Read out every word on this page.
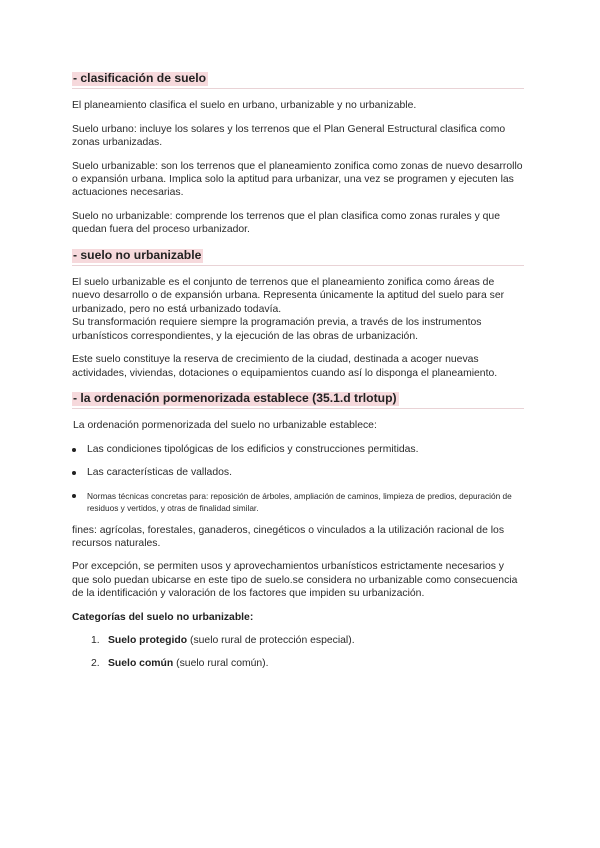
- clasificación de suelo

El planeamiento clasifica el suelo en urbano, urbanizable y no urbanizable.

Suelo urbano: incluye los solares y los terrenos que el Plan General Estructural clasifica como zonas urbanizadas.

Suelo urbanizable: son los terrenos que el planeamiento zonifica como zonas de nuevo desarrollo o expansión urbana. Implica solo la aptitud para urbanizar, una vez se programen y ejecuten las actuaciones necesarias.

Suelo no urbanizable: comprende los terrenos que el plan clasifica como zonas rurales y que quedan fuera del proceso urbanizador.

- suelo no urbanizable

El suelo urbanizable es el conjunto de terrenos que el planeamiento zonifica como áreas de nuevo desarrollo o de expansión urbana. Representa únicamente la aptitud del suelo para ser urbanizado, pero no está urbanizado todavía.
Su transformación requiere siempre la programación previa, a través de los instrumentos urbanísticos correspondientes, y la ejecución de las obras de urbanización.

Este suelo constituye la reserva de crecimiento de la ciudad, destinada a acoger nuevas actividades, viviendas, dotaciones o equipamientos cuando así lo disponga el planeamiento.

- la ordenación pormenorizada establece (35.1.d trlotup)

La ordenación pormenorizada del suelo no urbanizable establece:

Las condiciones tipológicas de los edificios y construcciones permitidas.
Las características de vallados.
Normas técnicas concretas para: reposición de árboles, ampliación de caminos, limpieza de predios, depuración de residuos y vertidos, y otras de finalidad similar.

fines: agrícolas, forestales, ganaderos, cinegéticos o vinculados a la utilización racional de los recursos naturales.

Por excepción, se permiten usos y aprovechamientos urbanísticos estrictamente necesarios y que solo puedan ubicarse en este tipo de suelo.se considera no urbanizable como consecuencia de la identificación y valoración de los factores que impiden su urbanización.

Categorías del suelo no urbanizable:

1. Suelo protegido (suelo rural de protección especial).
2. Suelo común (suelo rural común).
